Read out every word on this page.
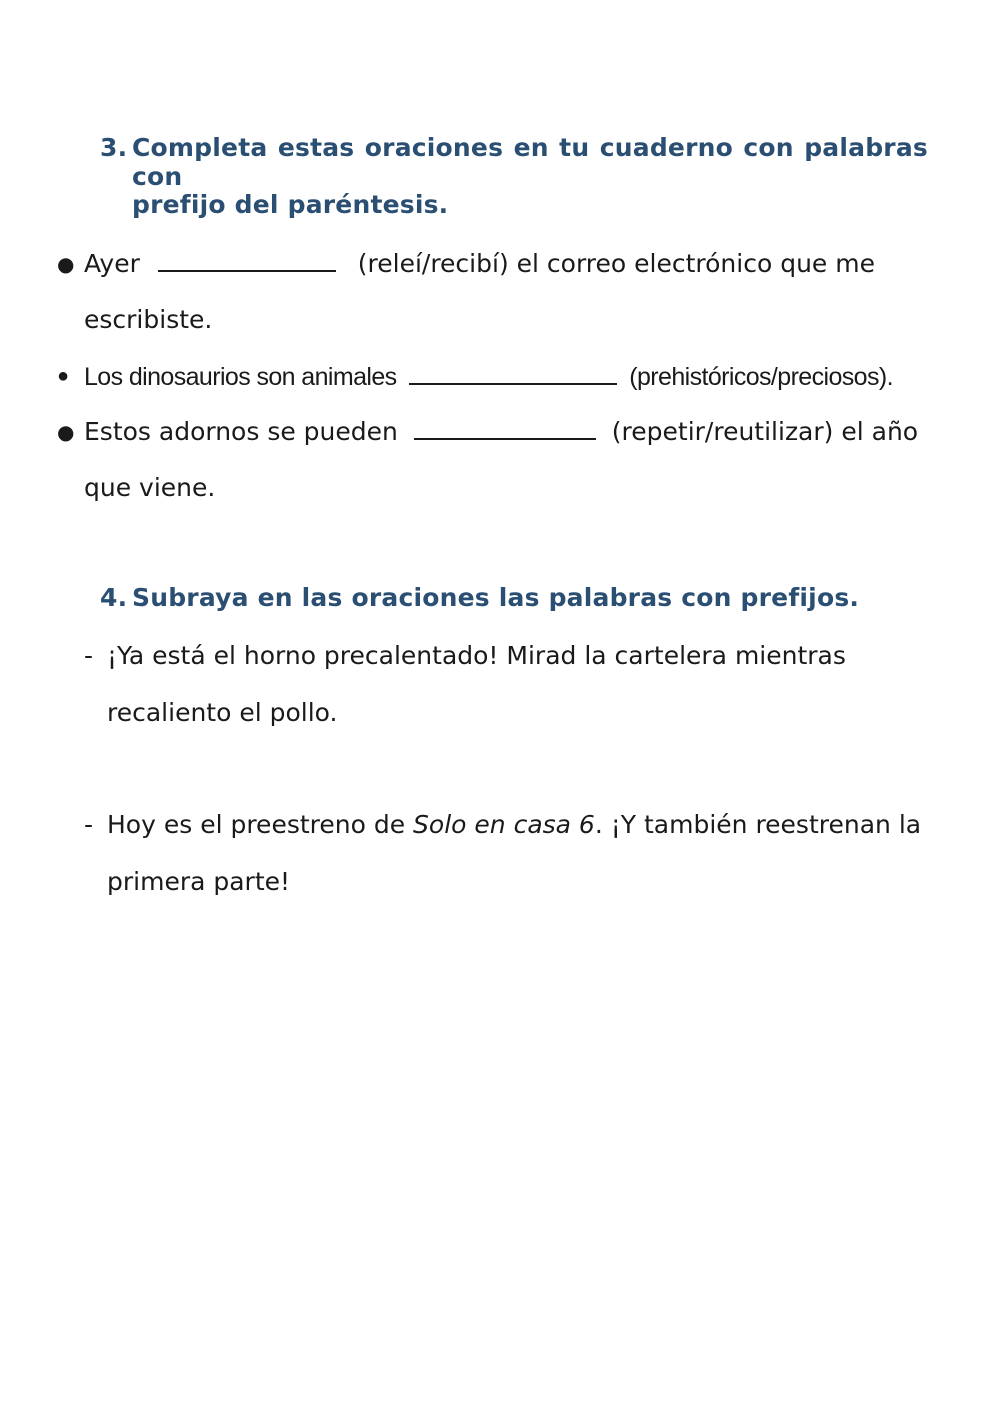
3. Completa estas oraciones en tu cuaderno con palabras con
prefijo del paréntesis.
● Ayer	(releí/recibí) el correo electrónico que me
escribiste.
● Los dinosaurios son animales	(prehistóricos/preciosos).
● Estos adornos se pueden	(repetir/reutilizar) el año
que viene.
4. Subraya en las oraciones las palabras con prefijos.
- ¡Ya está el horno precalentado! Mirad la cartelera mientras
recaliento el pollo.
- Hoy es el preestreno de Solo en casa 6. ¡Y también reestrenan la
primera parte!
